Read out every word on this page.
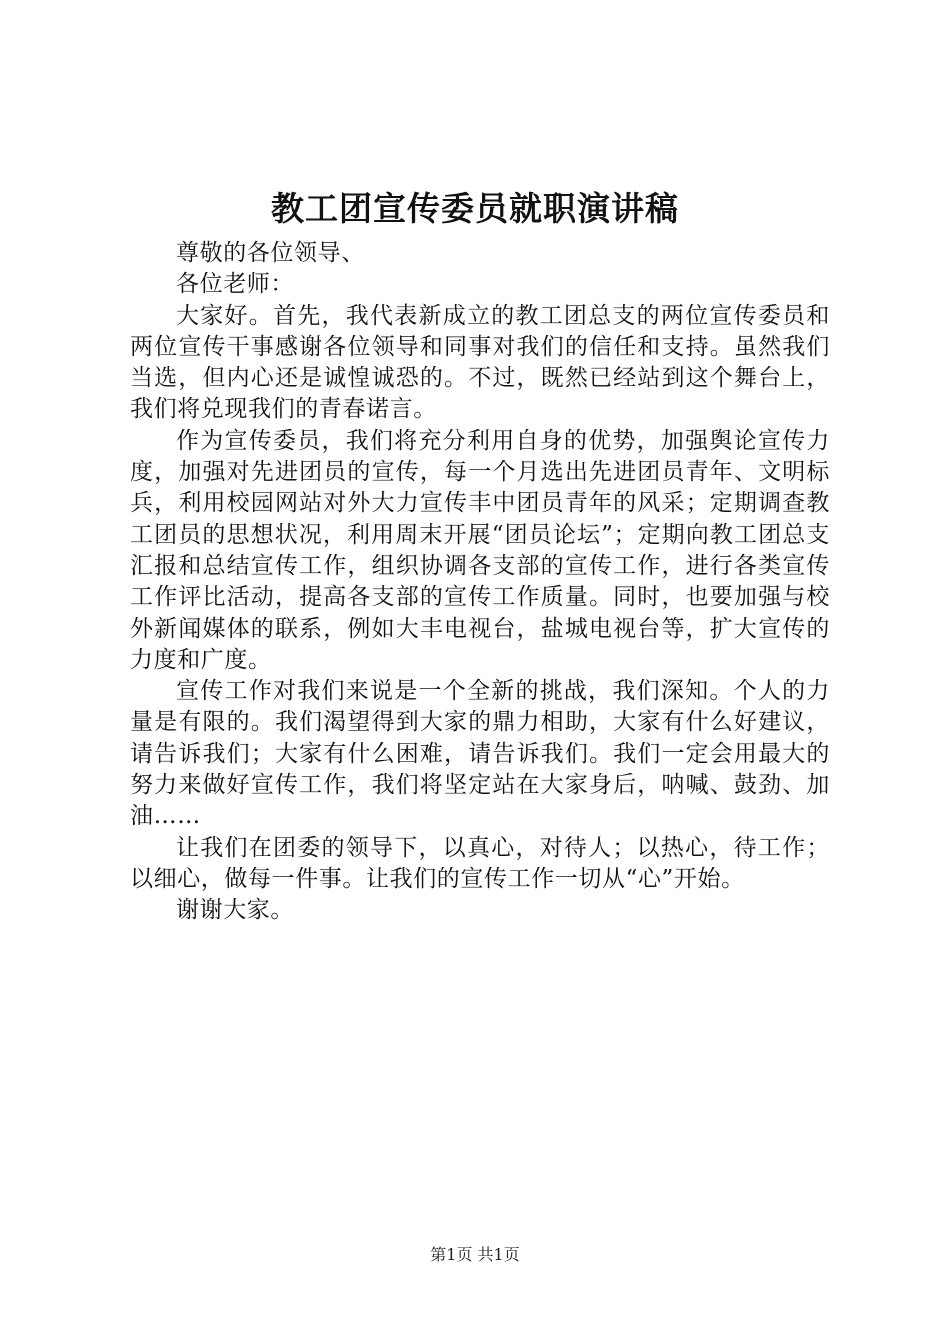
教工团宣传委员就职演讲稿

尊敬的各位领导、

各位老师：

大家好。首先，我代表新成立的教工团总支的两位宣传委员和两位宣传干事感谢各位领导和同事对我们的信任和支持。虽然我们当选，但内心还是诚惶诚恐的。不过，既然已经站到这个舞台上，我们将兑现我们的青春诺言。

作为宣传委员，我们将充分利用自身的优势，加强舆论宣传力度，加强对先进团员的宣传，每一个月选出先进团员青年、文明标兵，利用校园网站对外大力宣传丰中团员青年的风采；定期调查教工团员的思想状况，利用周末开展“团员论坛”；定期向教工团总支汇报和总结宣传工作，组织协调各支部的宣传工作，进行各类宣传工作评比活动，提高各支部的宣传工作质量。同时，也要加强与校外新闻媒体的联系，例如大丰电视台，盐城电视台等，扩大宣传的力度和广度。

宣传工作对我们来说是一个全新的挑战，我们深知。个人的力量是有限的。我们渴望得到大家的鼎力相助，大家有什么好建议，请告诉我们；大家有什么困难，请告诉我们。我们一定会用最大的努力来做好宣传工作，我们将坚定站在大家身后，呐喊、鼓劲、加油……

让我们在团委的领导下，以真心，对待人；以热心，待工作；以细心，做每一件事。让我们的宣传工作一切从“心”开始。

谢谢大家。

第1页 共1页
